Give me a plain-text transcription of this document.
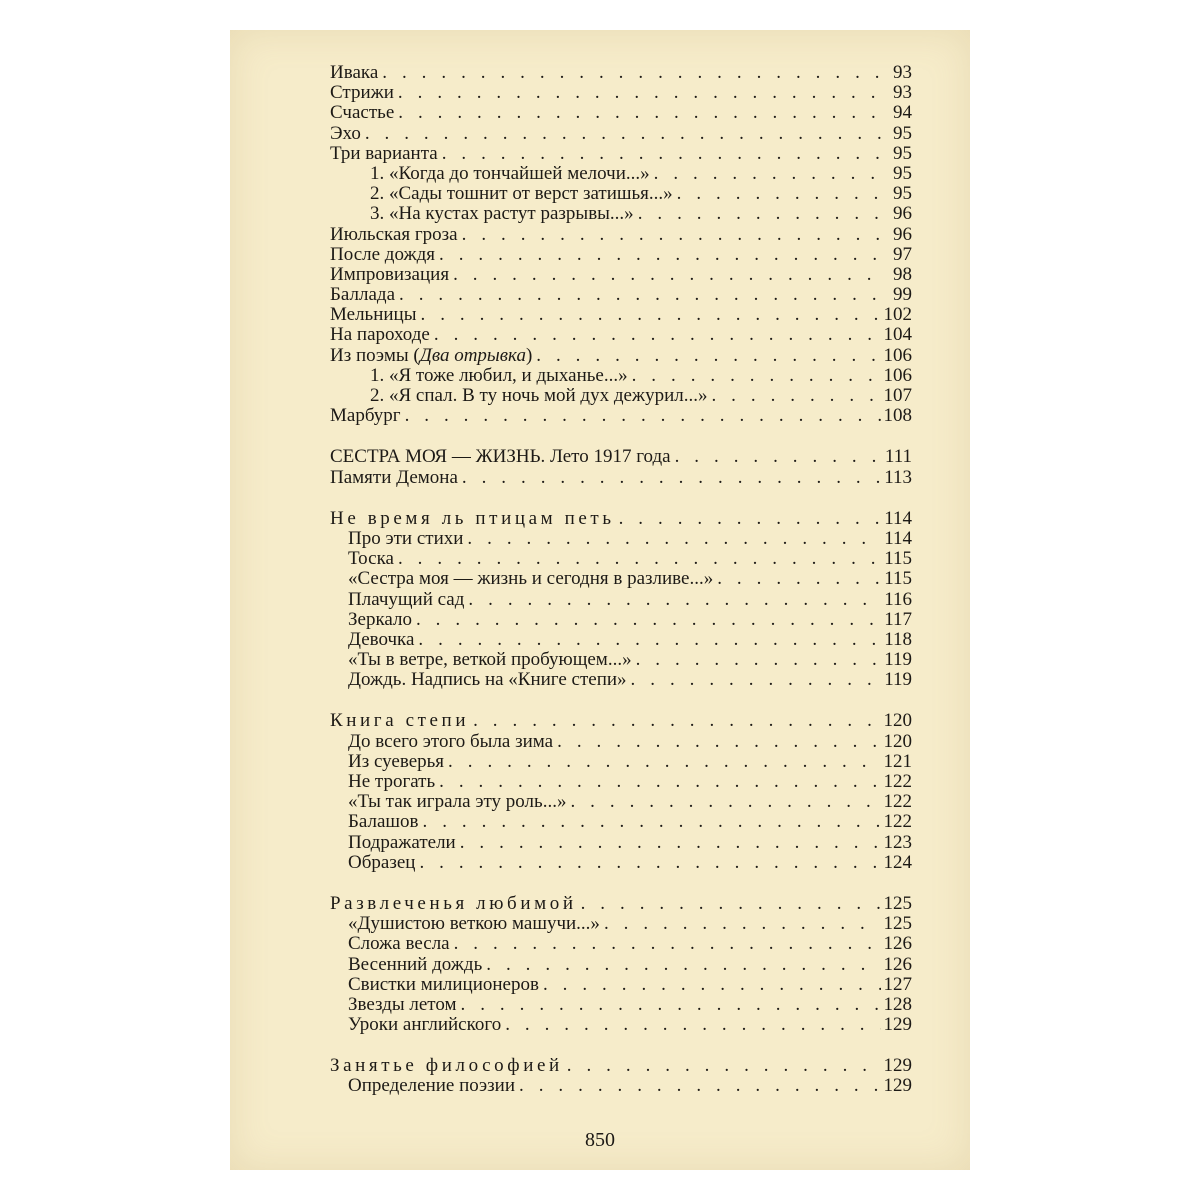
Ивака . . .	93
Стрижи . . .	93
Счастье . . .	94
Эхо . . .	95
Три варианта . . .	95
1. «Когда до тончайшей мелочи...» . . .	95
2. «Сады тошнит от верст затишья...» . . .	95
3. «На кустах растут разрывы...» . . .	96
Июльская гроза . . .	96
После дождя . . .	97
Импровизация . . .	98
Баллада . . .	99
Мельницы . . .	102
На пароходе . . .	104
Из поэмы (Два отрывка) . . .	106
1. «Я тоже любил, и дыханье...» . . .	106
2. «Я спал. В ту ночь мой дух дежурил...» . . .	107
Марбург . . .	108
СЕСТРА МОЯ — ЖИЗНЬ. Лето 1917 года . . .	111
Памяти Демона . . .	113
Не время ль птицам петь . . .	114
Про эти стихи . . .	114
Тоска . . .	115
«Сестра моя — жизнь и сегодня в разливе...» . . .	115
Плачущий сад . . .	116
Зеркало . . .	117
Девочка . . .	118
«Ты в ветре, веткой пробующем...» . . .	119
Дождь. Надпись на «Книге степи» . . .	119
Книга степи . . .	120
До всего этого была зима . . .	120
Из суеверья . . .	121
Не трогать . . .	122
«Ты так играла эту роль...» . . .	122
Балашов . . .	122
Подражатели . . .	123
Образец . . .	124
Развлеченья любимой . . .	125
«Душистою веткою машучи...» . . .	125
Сложа весла . . .	126
Весенний дождь . . .	126
Свистки милиционеров . . .	127
Звезды летом . . .	128
Уроки английского . . .	129
Занятье философией . . .	129
Определение поэзии . . .	129
850
